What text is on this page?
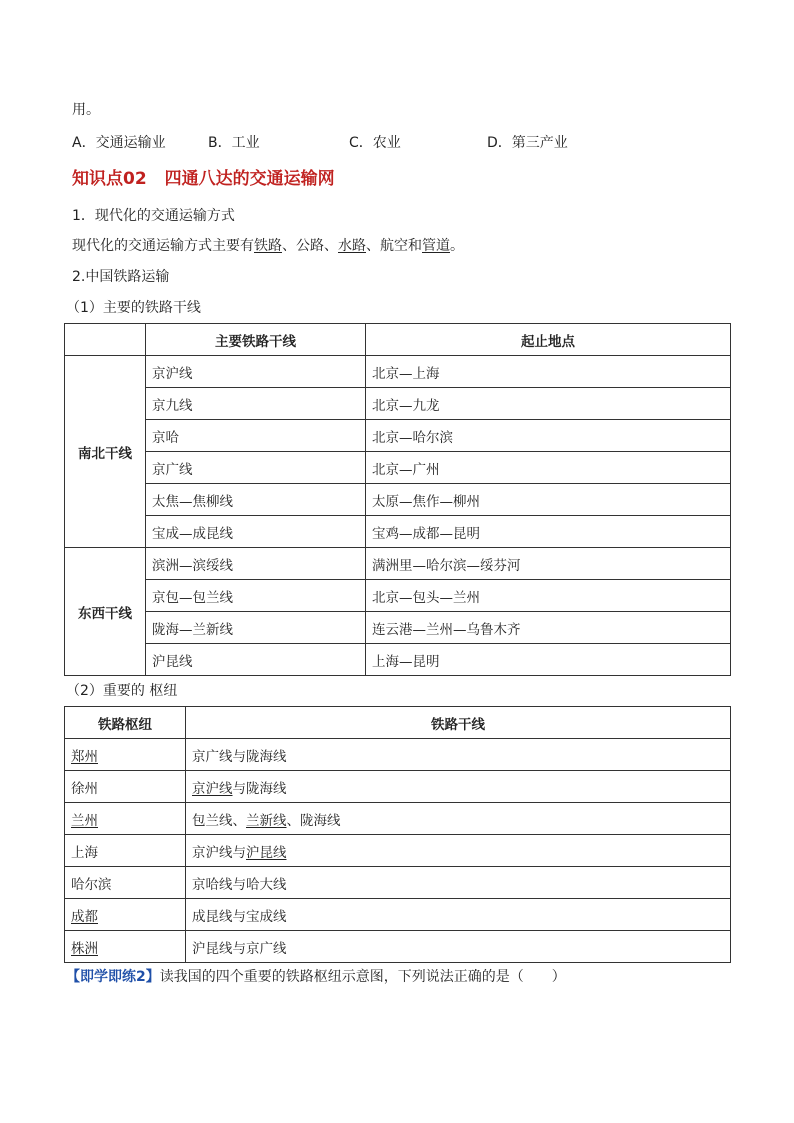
用。
A．交通运输业	B．工业	C．农业	D．第三产业
知识点02 四通八达的交通运输网
1．现代化的交通运输方式
现代化的交通运输方式主要有铁路、公路、水路、航空和管道。
2.中国铁路运输
（1）主要的铁路干线
	主要铁路干线	起止地点
南北干线	京沪线	北京—上海
	京九线	北京—九龙
	京哈	北京—哈尔滨
	京广线	北京—广州
	太焦—焦柳线	太原—焦作—柳州
	宝成—成昆线	宝鸡—成都—昆明
东西干线	滨洲—滨绥线	满洲里—哈尔滨—绥芬河
	京包—包兰线	北京—包头—兰州
	陇海—兰新线	连云港—兰州—乌鲁木齐
	沪昆线	上海—昆明
（2）重要的 枢纽
铁路枢纽	铁路干线
郑州	京广线与陇海线
徐州	京沪线与陇海线
兰州	包兰线、兰新线、陇海线
上海	京沪线与沪昆线
哈尔滨	京哈线与哈大线
成都	成昆线与宝成线
株洲	沪昆线与京广线
【即学即练2】读我国的四个重要的铁路枢纽示意图，下列说法正确的是（　　）
